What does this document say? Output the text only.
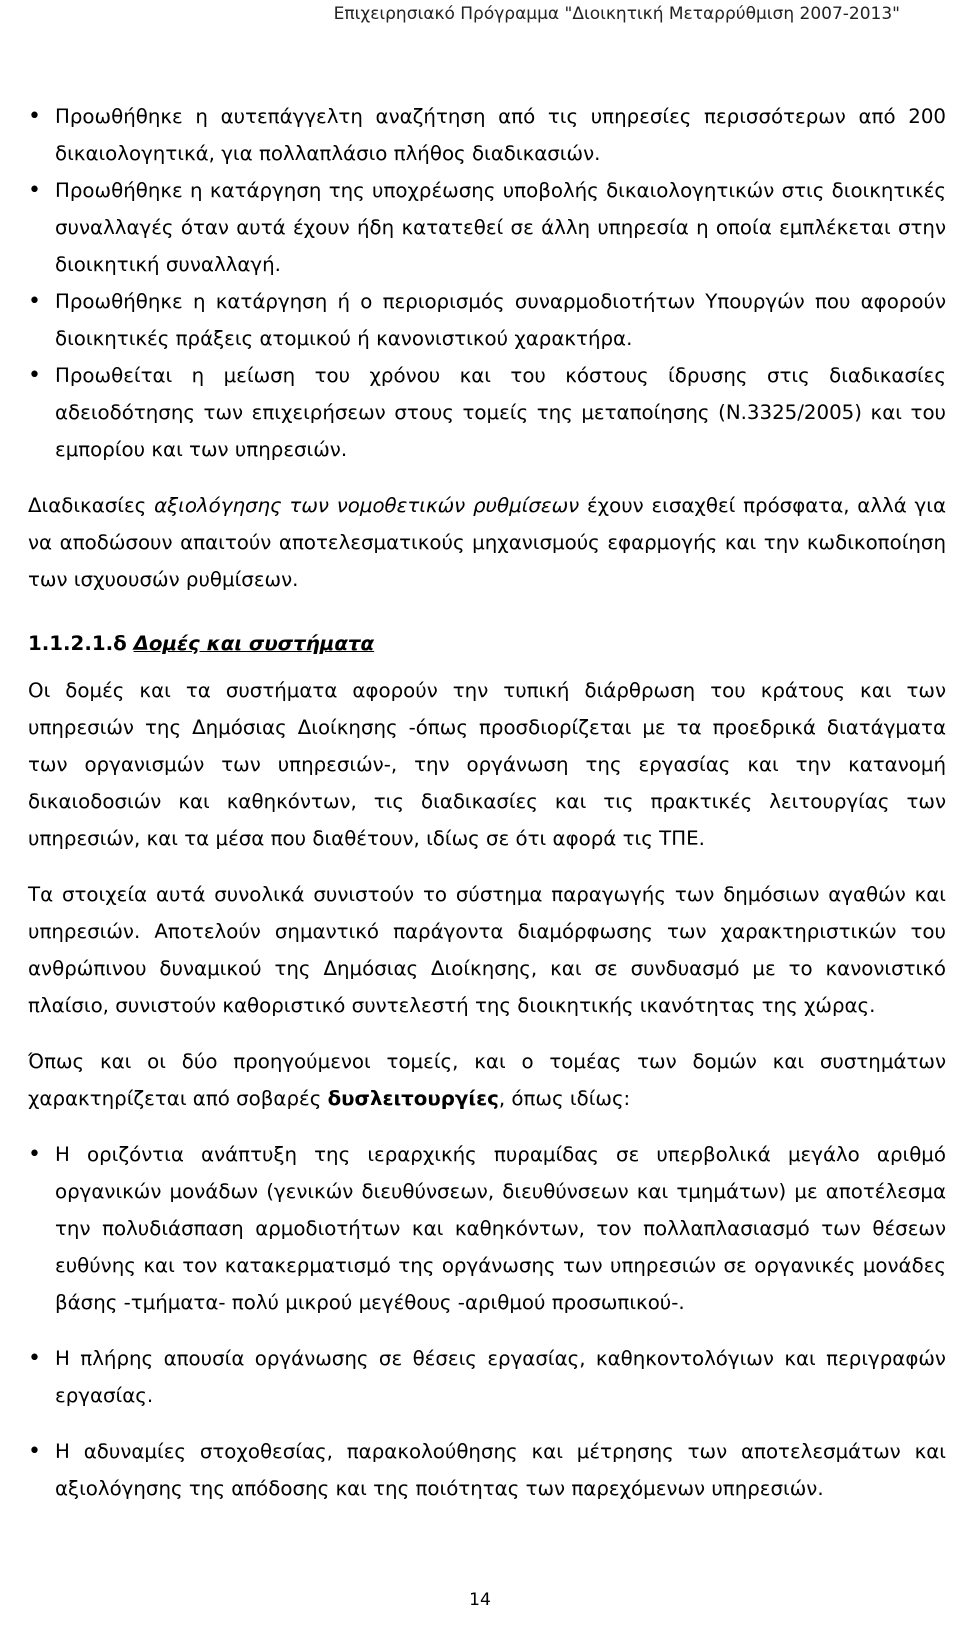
Επιχειρησιακό Πρόγραμμα "Διοικητική Μεταρρύθμιση 2007-2013"
• Προωθήθηκε η αυτεπάγγελτη αναζήτηση από τις υπηρεσίες περισσότερων από 200 δικαιολογητικά, για πολλαπλάσιο πλήθος διαδικασιών.
• Προωθήθηκε η κατάργηση της υποχρέωσης υποβολής δικαιολογητικών στις διοικητικές συναλλαγές όταν αυτά έχουν ήδη κατατεθεί σε άλλη υπηρεσία η οποία εμπλέκεται στην διοικητική συναλλαγή.
• Προωθήθηκε η κατάργηση ή ο περιορισμός συναρμοδιοτήτων Υπουργών που αφορούν διοικητικές πράξεις ατομικού ή κανονιστικού χαρακτήρα.
• Προωθείται η μείωση του χρόνου και του κόστους ίδρυσης στις διαδικασίες αδειοδότησης των επιχειρήσεων στους τομείς της μεταποίησης (Ν.3325/2005) και του εμπορίου και των υπηρεσιών.

Διαδικασίες αξιολόγησης των νομοθετικών ρυθμίσεων έχουν εισαχθεί πρόσφατα, αλλά για να αποδώσουν απαιτούν αποτελεσματικούς μηχανισμούς εφαρμογής και την κωδικοποίηση των ισχυουσών ρυθμίσεων.

1.1.2.1.δ Δομές και συστήματα

Οι δομές και τα συστήματα αφορούν την τυπική διάρθρωση του κράτους και των υπηρεσιών της Δημόσιας Διοίκησης -όπως προσδιορίζεται με τα προεδρικά διατάγματα των οργανισμών των υπηρεσιών-, την οργάνωση της εργασίας και την κατανομή δικαιοδοσιών και καθηκόντων, τις διαδικασίες και τις πρακτικές λειτουργίας των υπηρεσιών, και τα μέσα που διαθέτουν, ιδίως σε ότι αφορά τις ΤΠΕ.

Τα στοιχεία αυτά συνολικά συνιστούν το σύστημα παραγωγής των δημόσιων αγαθών και υπηρεσιών. Αποτελούν σημαντικό παράγοντα διαμόρφωσης των χαρακτηριστικών του ανθρώπινου δυναμικού της Δημόσιας Διοίκησης, και σε συνδυασμό με το κανονιστικό πλαίσιο, συνιστούν καθοριστικό συντελεστή της διοικητικής ικανότητας της χώρας.

Όπως και οι δύο προηγούμενοι τομείς, και ο τομέας των δομών και συστημάτων χαρακτηρίζεται από σοβαρές δυσλειτουργίες, όπως ιδίως:

• Η οριζόντια ανάπτυξη της ιεραρχικής πυραμίδας σε υπερβολικά μεγάλο αριθμό οργανικών μονάδων (γενικών διευθύνσεων, διευθύνσεων και τμημάτων) με αποτέλεσμα την πολυδιάσπαση αρμοδιοτήτων και καθηκόντων, τον πολλαπλασιασμό των θέσεων ευθύνης και τον κατακερματισμό της οργάνωσης των υπηρεσιών σε οργανικές μονάδες βάσης -τμήματα- πολύ μικρού μεγέθους -αριθμού προσωπικού-.
• Η πλήρης απουσία οργάνωσης σε θέσεις εργασίας, καθηκοντολόγιων και περιγραφών εργασίας.
• Η αδυναμίες στοχοθεσίας, παρακολούθησης και μέτρησης των αποτελεσμάτων και αξιολόγησης της απόδοσης και της ποιότητας των παρεχόμενων υπηρεσιών.
14
